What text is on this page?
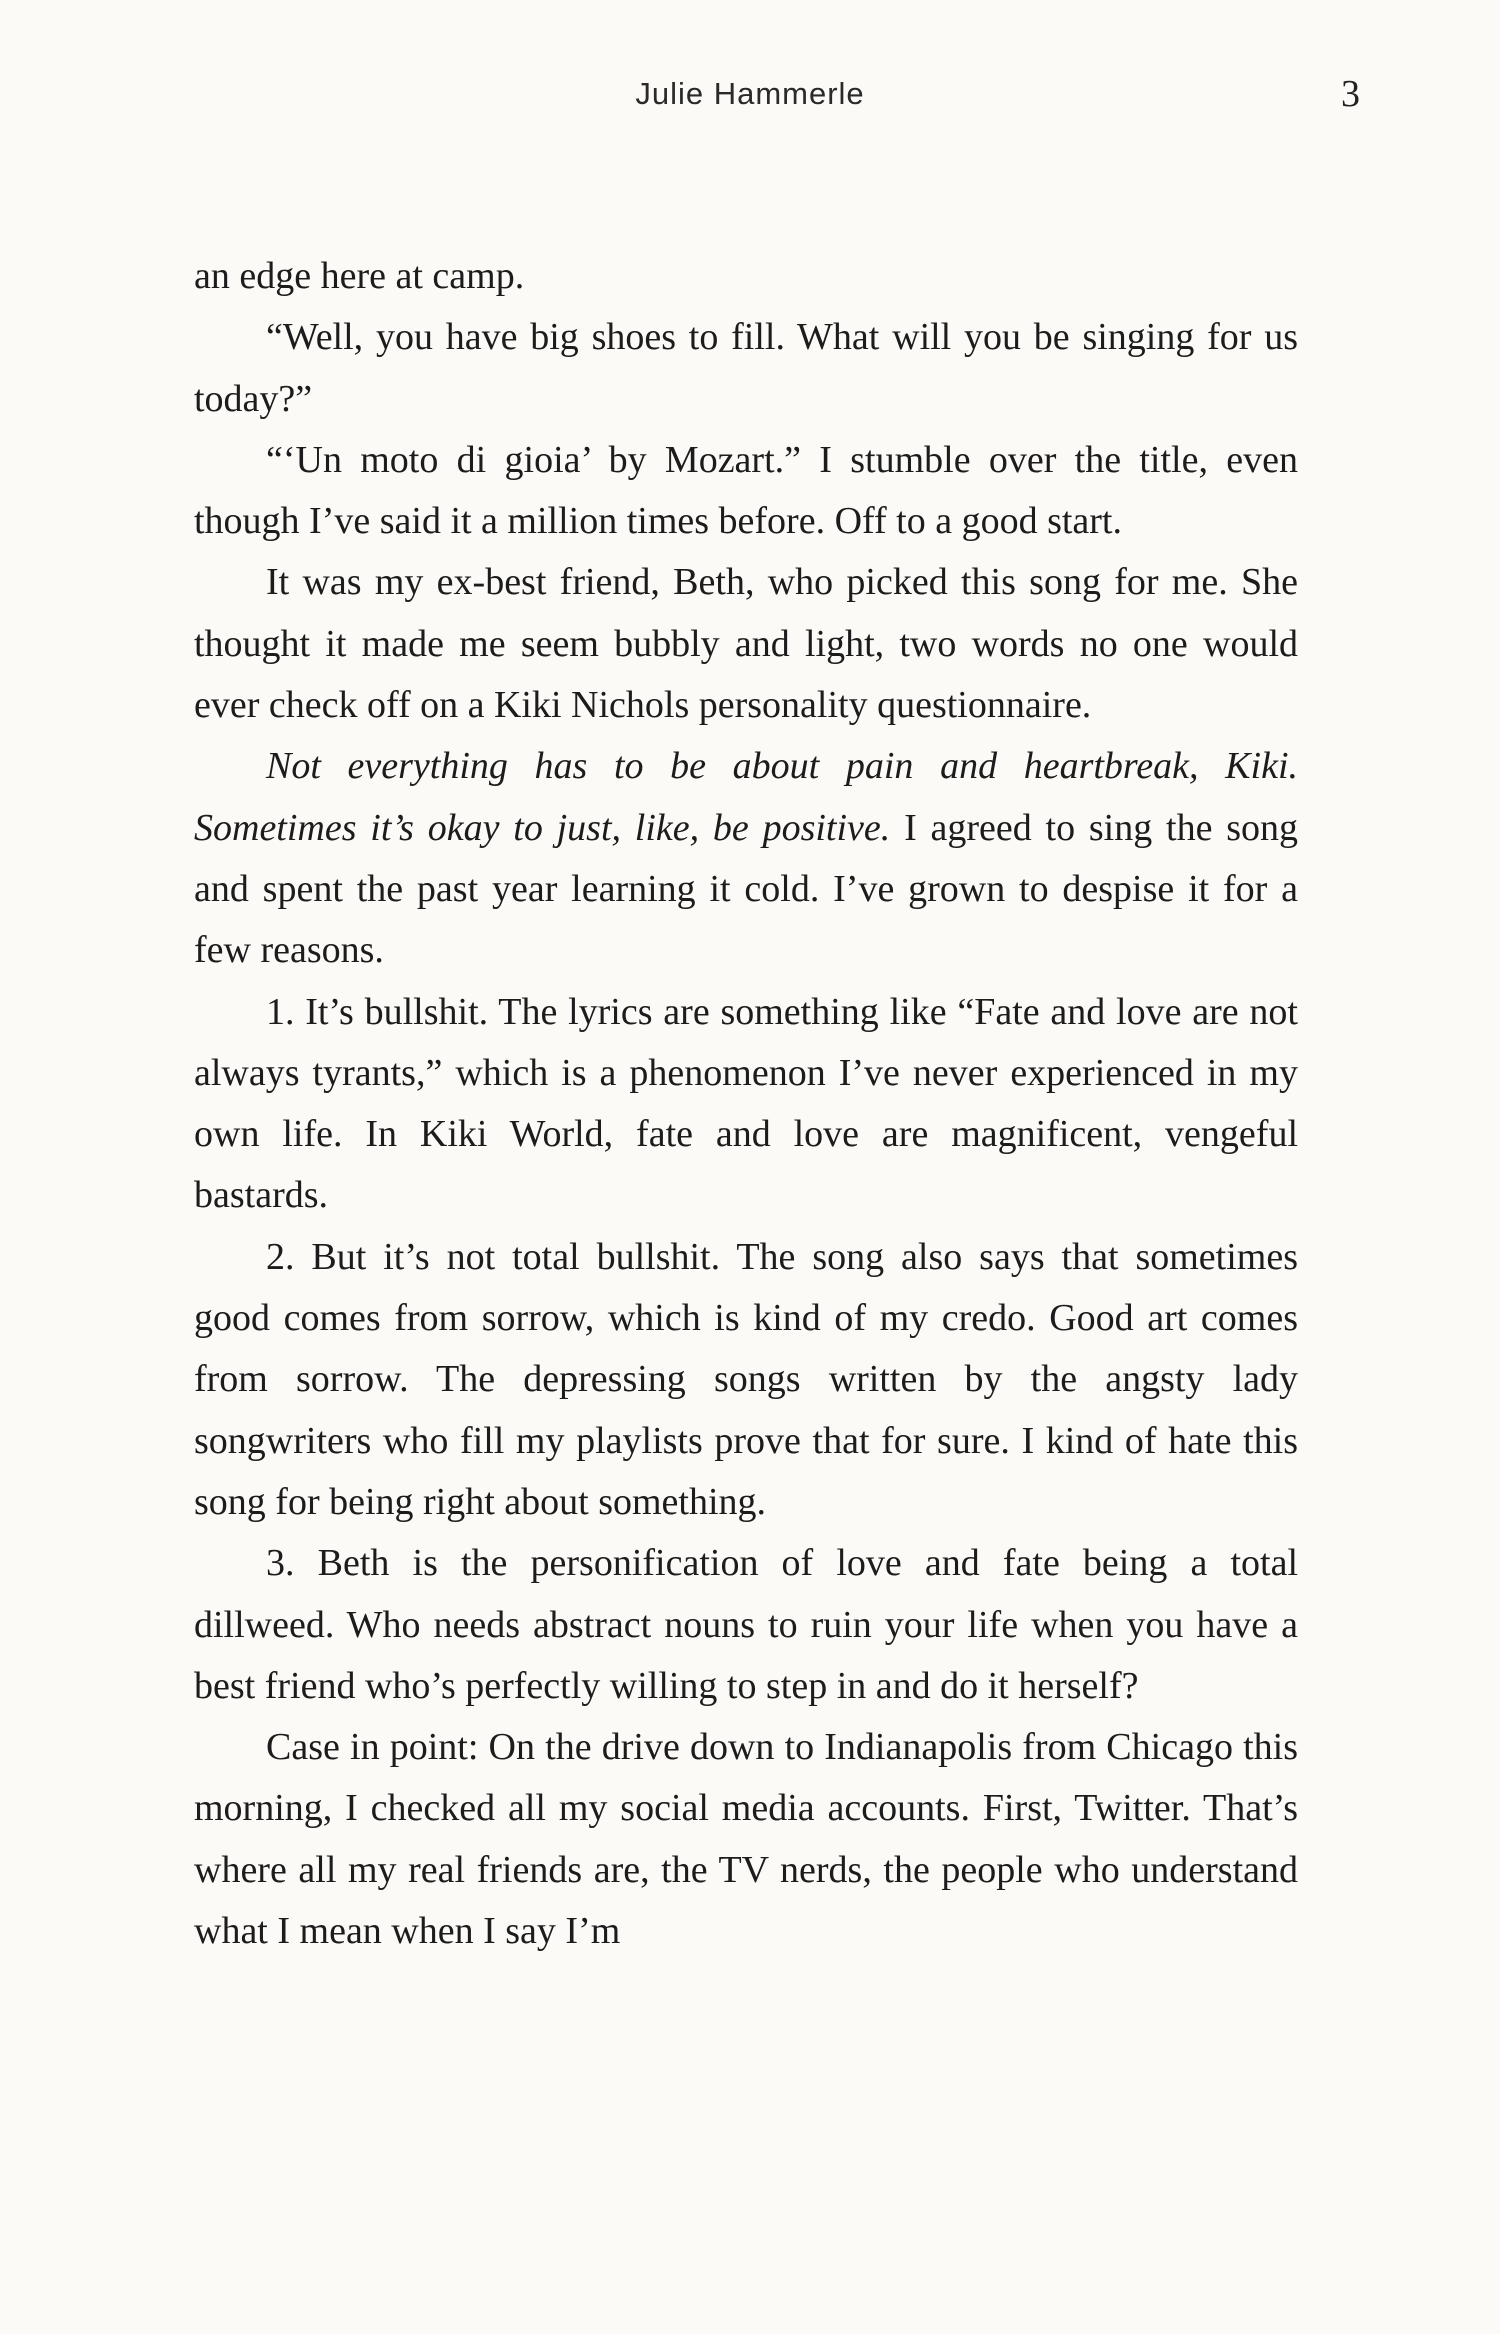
Julie Hammerle	3

an edge here at camp.

“Well, you have big shoes to fill. What will you be singing for us today?”

“‘Un moto di gioia’ by Mozart.” I stumble over the title, even though I’ve said it a million times before. Off to a good start.

It was my ex-best friend, Beth, who picked this song for me. She thought it made me seem bubbly and light, two words no one would ever check off on a Kiki Nichols personality questionnaire.

Not everything has to be about pain and heartbreak, Kiki. Sometimes it’s okay to just, like, be positive. I agreed to sing the song and spent the past year learning it cold. I’ve grown to despise it for a few reasons.

1. It’s bullshit. The lyrics are something like “Fate and love are not always tyrants,” which is a phenomenon I’ve never experienced in my own life. In Kiki World, fate and love are magnificent, vengeful bastards.

2. But it’s not total bullshit. The song also says that sometimes good comes from sorrow, which is kind of my credo. Good art comes from sorrow. The depressing songs written by the angsty lady songwriters who fill my playlists prove that for sure. I kind of hate this song for being right about something.

3. Beth is the personification of love and fate being a total dillweed. Who needs abstract nouns to ruin your life when you have a best friend who’s perfectly willing to step in and do it herself?

Case in point: On the drive down to Indianapolis from Chicago this morning, I checked all my social media accounts. First, Twitter. That’s where all my real friends are, the TV nerds, the people who understand what I mean when I say I’m
